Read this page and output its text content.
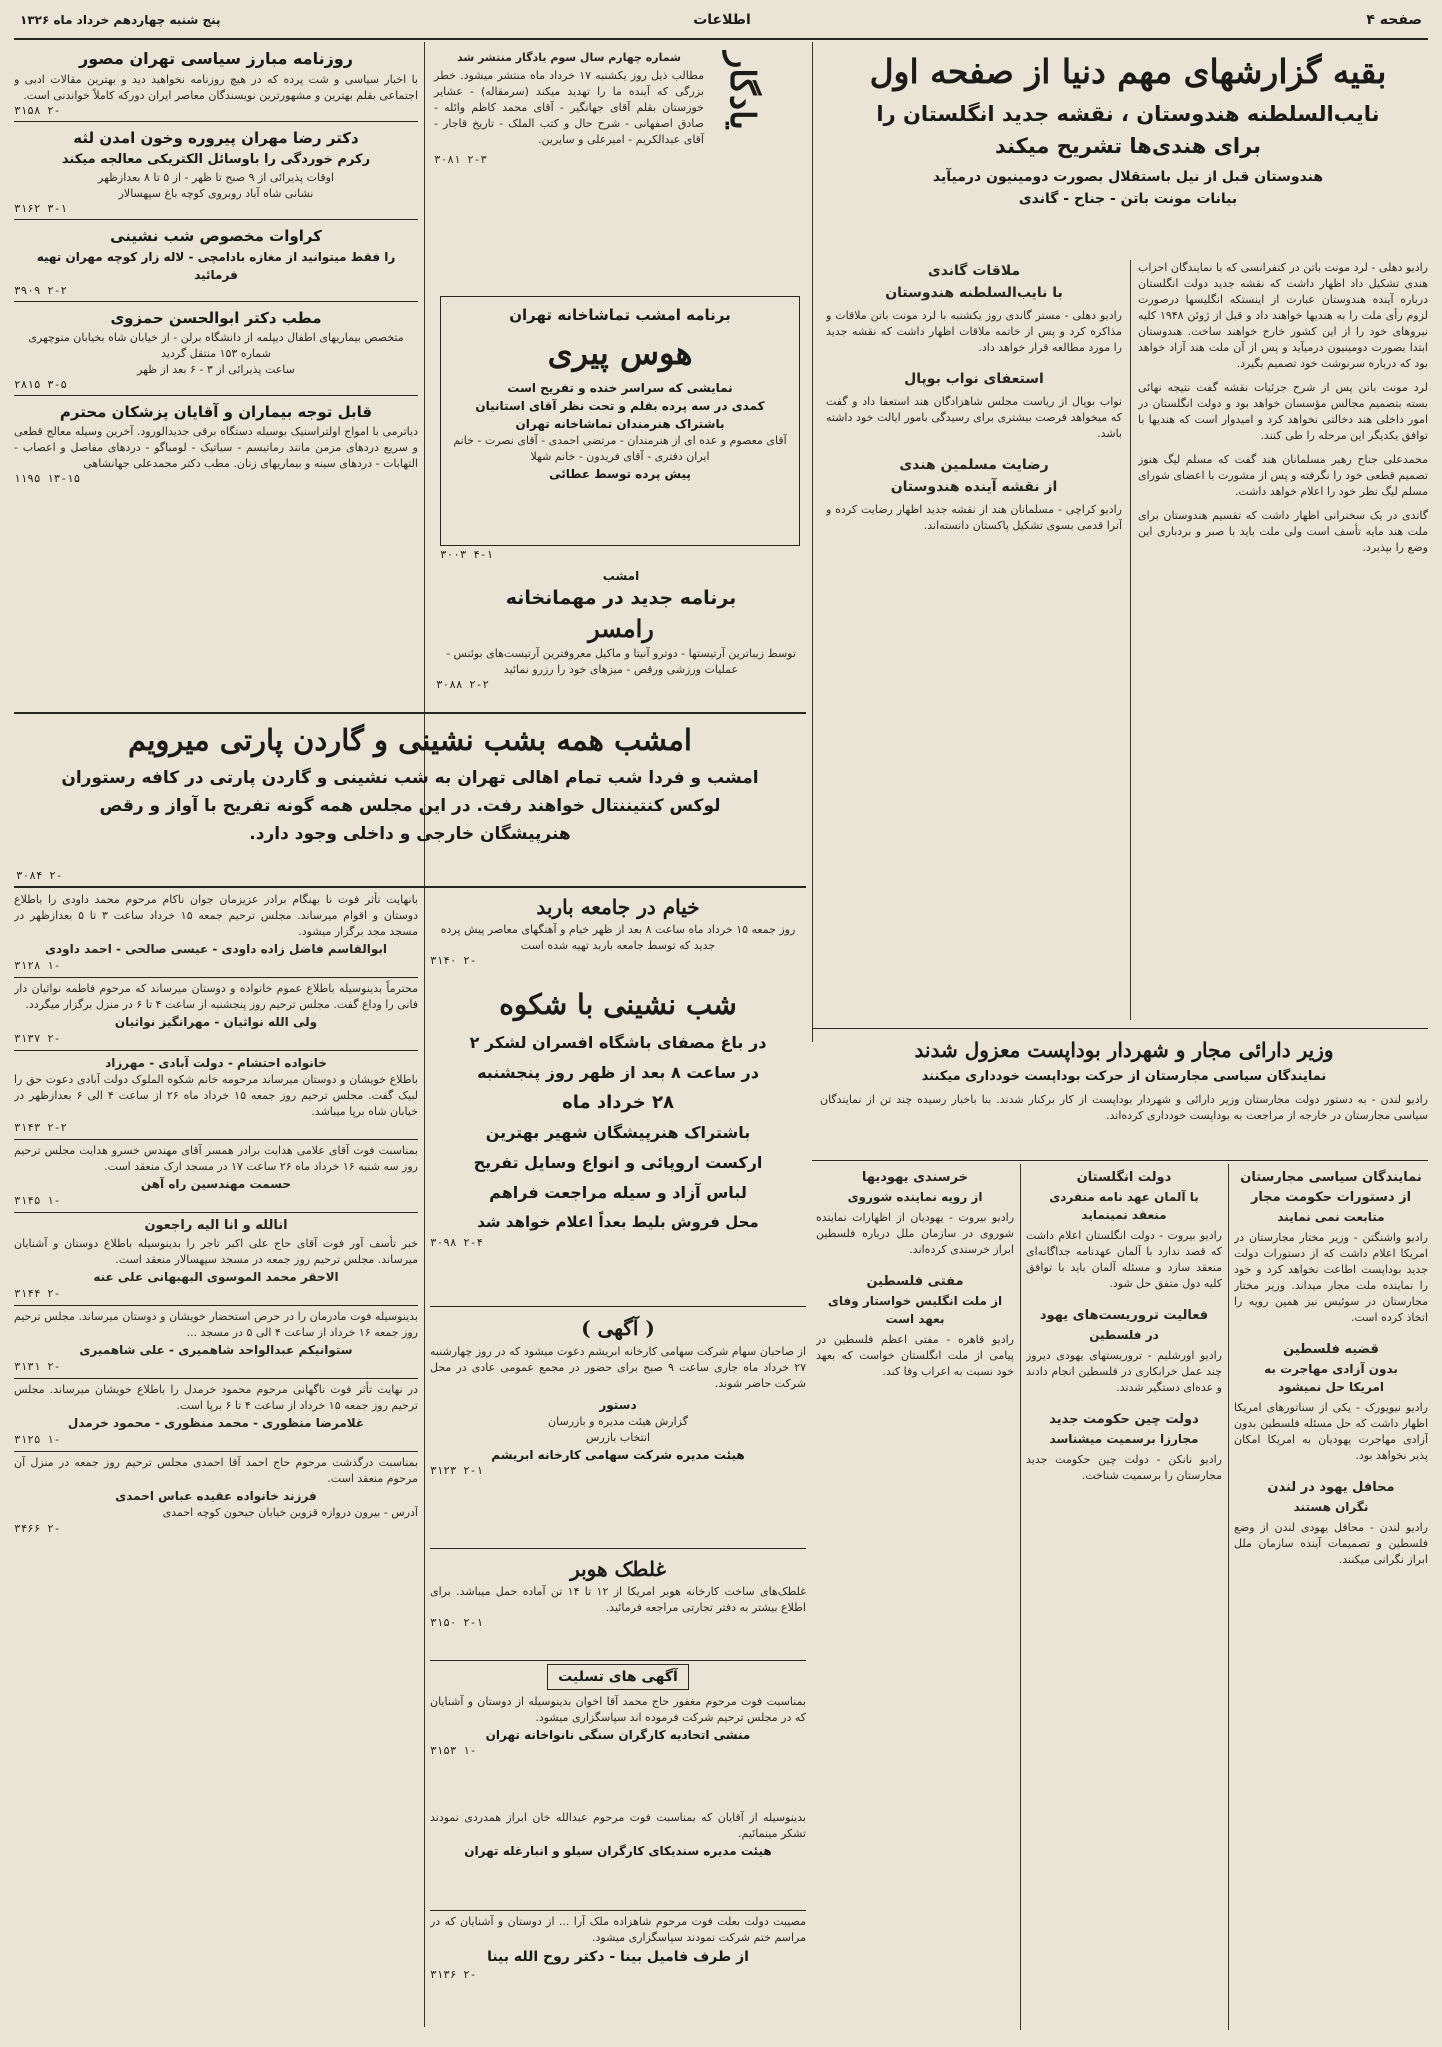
صفحه ۴
اطلاعات
پنج شنبه چهاردهم خرداد ماه ۱۳۲۶
بقیه گزارشهای مهم دنیا از صفحه اول
نایب‌السلطنه هندوستان ، نقشه جدید انگلستان را
برای هندی‌ها تشریح میکند
هندوستان قبل از نیل باستقلال بصورت دومینیون درمیآید
بیانات مونت باتن - جناح - گاندی

رادیو دهلی - لرد مونت باتن در کنفرانسی که با نمایندگان احزاب هندی تشکیل داد اظهار داشت که نقشه جدید دولت انگلستان درباره آینده هندوستان عبارت از اینستکه انگلیسها درصورت لزوم رأی ملت را به هندیها خواهند داد و قبل از ژوئن ۱۹۴۸ کلیه نیروهای خود را از این کشور خارج خواهند ساخت. هندوستان ابتدا بصورت دومینیون درمیآید و پس از آن ملت هند آزاد خواهد بود که درباره سرنوشت خود تصمیم بگیرد.

لرد مونت باتن پس از شرح جزئیات نقشه گفت نتیجه نهائی بسته بتصمیم مجالس مؤسسان خواهد بود و دولت انگلستان در امور داخلی هند دخالتی نخواهد کرد و امیدوار است که هندیها با توافق یکدیگر این مرحله را طی کنند.

محمدعلی جناح رهبر مسلمانان هند گفت که مسلم لیگ هنوز تصمیم قطعی خود را نگرفته و پس از مشورت با اعضای شورای مسلم لیگ نظر خود را اعلام خواهد داشت.

گاندی در یک سخنرانی اظهار داشت که تقسیم هندوستان برای ملت هند مایه تأسف است ولی ملت باید با صبر و بردباری این وضع را بپذیرد.

ملاقات گاندی
با نایب‌السلطنه هندوستان

رادیو دهلی - مستر گاندی روز یکشنبه با لرد مونت باتن ملاقات و مذاکره کرد و پس از خاتمه ملاقات اظهار داشت که نقشه جدید را مورد مطالعه قرار خواهد داد.

استعفای نواب بوپال

نواب بوپال از ریاست مجلس شاهزادگان هند استعفا داد و گفت که میخواهد فرصت بیشتری برای رسیدگی بامور ایالت خود داشته باشد.

رضایت مسلمین هندی
از نقشه آینده هندوستان

رادیو کراچی - مسلمانان هند از نقشه جدید اظهار رضایت کرده و آنرا قدمی بسوی تشکیل پاکستان دانسته‌اند.

وزیر دارائی مجار و شهردار بوداپست معزول شدند
نمایندگان سیاسی مجارستان از حرکت بوداپست خودداری میکنند

رادیو لندن - به دستور دولت مجارستان وزیر دارائی و شهردار بوداپست از کار برکنار شدند. بنا باخبار رسیده چند تن از نمایندگان سیاسی مجارستان در خارجه از مراجعت به بوداپست خودداری کرده‌اند.

نمایندگان سیاسی مجارستان
از دستورات حکومت مجار
متابعت نمی نمایند

رادیو واشنگتن - وزیر مختار مجارستان در امریکا اعلام داشت که از دستورات دولت جدید بوداپست اطاعت نخواهد کرد و خود را نماینده ملت مجار میداند. وزیر مختار مجارستان در سوئیس نیز همین رویه را اتخاذ کرده است.

قضیه فلسطین
بدون آزادی مهاجرت به
امریکا حل نمیشود

رادیو نیویورک - یکی از سناتورهای امریکا اظهار داشت که حل مسئله فلسطین بدون آزادی مهاجرت یهودیان به امریکا امکان پذیر نخواهد بود.

محافل یهود در لندن
نگران هستند

رادیو لندن - محافل یهودی لندن از وضع فلسطین و تصمیمات آینده سازمان ملل ابراز نگرانی میکنند.

دولت انگلستان
با آلمان عهد نامه منفردی
منعقد نمینماید

رادیو بیروت - دولت انگلستان اعلام داشت که قصد ندارد با آلمان عهدنامه جداگانه‌ای منعقد سازد و مسئله آلمان باید با توافق کلیه دول متفق حل شود.

فعالیت تروریست‌های یهود
در فلسطین

رادیو اورشلیم - تروریستهای یهودی دیروز چند عمل خرابکاری در فلسطین انجام دادند و عده‌ای دستگیر شدند.

دولت چین حکومت جدید
مجارزا برسمیت میشناسد

رادیو نانکن - دولت چین حکومت جدید مجارستان را برسمیت شناخت.

خرسندی یهودیها
از رویه نماینده شوروی

رادیو بیروت - یهودیان از اظهارات نماینده شوروی در سازمان ملل درباره فلسطین ابراز خرسندی کرده‌اند.

مفتی فلسطین
از ملت انگلیس خواستار وفای
بعهد است

رادیو قاهره - مفتی اعظم فلسطین در پیامی از ملت انگلستان خواست که بعهد خود نسبت به اعراب وفا کند.

یادگار
شماره چهارم سال سوم یادگار منتشر شد

مطالب ذیل روز یکشنبه ۱۷ خرداد ماه منتشر میشود. خطر بزرگی که آینده ما را تهدید میکند (سرمقاله) - عشایر خوزستان بقلم آقای جهانگیر - آقای محمد کاظم وائله - صادق اصفهانی - شرح حال و کتب الملک - تاریخ قاجار - آقای عبدالکریم - امیرعلی و سایرین.

۳۰۸۱ ۲-۳
برنامه امشب تماشاخانه تهران
هوس پیری
نمایشی که سراسر خنده و تفریح است
کمدی در سه پرده بقلم و تحت نظر آقای استانیان
باشتراک هنرمندان تماشاخانه تهران
آقای معصوم و عده ای از هنرمندان - مرتضی احمدی - آقای نصرت - خانم ایران دفتری - آقای فریدون - خانم شهلا
پیش پرده توسط عطائی
۳۰۰۳ ۴-۱
امشب
برنامه جدید در مهمانخانه
رامسر
توسط زیباترین آرتیستها - دوترو آنیتا و ماکیل معروفترین آرتیست‌های بوئنس - عملیات ورزشی ورقص - میزهای خود را رزرو نمائید
۳۰۸۸ ۲-۲
امشب همه بشب نشینی و گاردن پارتی میرویم
امشب و فردا شب تمام اهالی تهران به شب نشینی و گاردن پارتی در کافه رستوران
لوکس کنتیننتال خواهند رفت. در این مجلس همه گونه تفریح با آواز و رقص
هنرپیشگان خارجی و داخلی وجود دارد.
۳۰۸۴ ۲-
خیام در جامعه باربد
روز جمعه ۱۵ خرداد ماه ساعت ۸ بعد از ظهر خیام و آهنگهای معاصر پیش پرده جدید که توسط جامعه باربد تهیه شده است
۳۱۴۰ ۲-
شب نشینی با شکوه
در باغ مصفای باشگاه افسران لشکر ۲
در ساعت ۸ بعد از ظهر روز پنجشنبه
۲۸ خرداد ماه
باشتراک هنرپیشگان شهیر بهترین
ارکست اروپائی و انواع وسایل تفریح
لباس آزاد و سیله مراجعت فراهم
محل فروش بلیط بعداً اعلام خواهد شد
۳۰۹۸ ۲-۴
( آگهی )
از صاحبان سهام شرکت سهامی کارخانه ابریشم دعوت میشود که در روز چهارشنبه ۲۷ خرداد ماه جاری ساعت ۹ صبح برای حضور در مجمع عمومی عادی در محل شرکت حاضر شوند.
دستور
گزارش هیئت مدیره و بازرسان
انتخاب بازرس
هیئت مدیره شرکت سهامی کارخانه ابریشم
۳۱۲۳ ۲-۱
غلطک هوبر
غلطک‌های ساخت کارخانه هوبر امریکا از ۱۲ تا ۱۴ تن آماده حمل میباشد. برای اطلاع بیشتر به دفتر تجارتی مراجعه فرمائید.
۳۱۵۰ ۲-۱
آگهی های تسلیت
بمناسبت فوت مرحوم مغفور حاج محمد آقا اخوان بدینوسیله از دوستان و آشنایان که در مجلس ترحیم شرکت فرموده اند سپاسگزاری میشود.
منشی اتحادیه کارگران سنگی نانواخانه تهران
۳۱۵۳ ۱-
بدینوسیله از آقایان که بمناسبت فوت مرحوم عبدالله خان ابراز همدردی نمودند تشکر مینمائیم.
هیئت مدیره سندیکای کارگران سیلو و انبارغله تهران
مصیبت دولت بعلت فوت مرحوم شاهزاده ملک آرا ... از دوستان و آشنایان که در مراسم ختم شرکت نمودند سپاسگزاری میشود.
از طرف فامیل بینا - دکتر روح الله بینا
۳۱۳۶ ۲-
روزنامه مبارز سیاسی تهران مصور
با اخبار سیاسی و شت پرده که در هیچ روزنامه نخواهید دید و بهترین مقالات ادبی و اجتماعی بقلم بهترین و مشهورترین نویسندگان معاصر ایران دورکه کاملاً خواندنی است.
۳۱۵۸ ۲-
دکتر رضا مهران پیروره وخون امدن لثه
رکرم خوردگی را باوسائل الکتریکی معالجه میکند
اوقات پذیرائی از ۹ صبح تا ظهر - از ۵ تا ۸ بعدازظهر
نشانی شاه آباد روبروی کوچه باغ سپهسالار
۳۱۶۲ ۳-۱
کراوات مخصوص شب نشینی
را فقط میتوانید از مغازه بادامچی - لاله زار کوچه مهران تهیه فرمائید
۳۹۰۹ ۲-۲
مطب دکتر ابوالحسن حمزوی
متخصص بیماریهای اطفال دیپلمه از دانشگاه برلن - از خیابان شاه بخیابان منوچهری شماره ۱۵۳ منتقل گردید
ساعت پذیرائی از ۳ - ۶ بعد از ظهر
۲۸۱۵ ۳-۵
قابل توجه بیماران و آقایان پزشکان محترم
دیاترمی با امواج اولتراسنیک بوسیله دستگاه برقی جدیدالورود. آخرین وسیله معالج قطعی و سریع دردهای مزمن مانند رماتیسم - سیاتیک - لومباگو - دردهای مفاصل و اعصاب - التهابات - دردهای سینه و بیماریهای زنان. مطب دکتر محمدعلی جهانشاهی
۱۱۹۵ ۱۳-۱۵
بانهایت تأثر فوت نا بهنگام برادر عزیزمان جوان ناکام مرحوم محمد داودی را باطلاع دوستان و اقوام میرساند. مجلس ترحیم جمعه ۱۵ خرداد ساعت ۳ تا ۵ بعدازظهر در مسجد مجد برگزار میشود.
ابوالقاسم فاضل زاده داودی - عیسی صالحی - احمد داودی
۳۱۲۸ ۱-
محترماً بدینوسیله باطلاع عموم خانواده و دوستان میرساند که مرحوم فاطمه نواثیان دار فانی را وداع گفت. مجلس ترحیم روز پنجشنبه از ساعت ۴ تا ۶ در منزل برگزار میگردد.
ولی الله نواثیان - مهرانگیز نواثیان
۳۱۳۷ ۲-
خانواده احتشام - دولت آبادی - مهرزاد
باطلاع خویشان و دوستان میرساند مرحومه خانم شکوه الملوک دولت آبادی دعوت حق را لبیک گفت. مجلس ترحیم روز جمعه ۱۵ خرداد ماه ۲۶ از ساعت ۴ الی ۶ بعدازظهر در خیابان شاه برپا میباشد.
۳۱۴۳ ۲-۲
بمناسبت فوت آقای علامی هدایت برادر همسر آقای مهندس خسرو هدایت مجلس ترحیم روز سه شنبه ۱۶ خرداد ماه ۲۶ ساعت ۱۷ در مسجد ارک منعقد است.
حسمت مهندسین راه آهن
۳۱۴۵ ۱-
انالله و انا الیه راجعون
خبر تأسف آور فوت آقای حاج علی اکبر تاجر را بدینوسیله باطلاع دوستان و آشنایان میرساند. مجلس ترحیم روز جمعه در مسجد سپهسالار منعقد است.
الاحقر محمد الموسوی البهبهانی علی عنه
۳۱۴۴ ۲-
بدینوسیله فوت مادرمان را در حرص استحضار خویشان و دوستان میرساند. مجلس ترحیم روز جمعه ۱۶ خرداد از ساعت ۴ الی ۵ در مسجد ...
ستوانیکم عبدالواحد شاهمیری - علی شاهمیری
۳۱۳۱ ۲-
در نهایت تأثر فوت ناگهانی مرحوم محمود خرمدل را باطلاع خویشان میرساند. مجلس ترحیم روز جمعه ۱۵ خرداد از ساعت ۴ تا ۶ برپا است.
غلامرضا منظوری - محمد منظوری - محمود خرمدل
۳۱۲۵ ۱-
بمناسبت درگذشت مرحوم حاج احمد آقا احمدی مجلس ترحیم روز جمعه در منزل آن مرحوم منعقد است.
فرزند خانواده عقیده عباس احمدی
آدرس - بیرون دروازه قزوین خیابان جیحون کوچه احمدی
۳۴۶۶ ۲-
